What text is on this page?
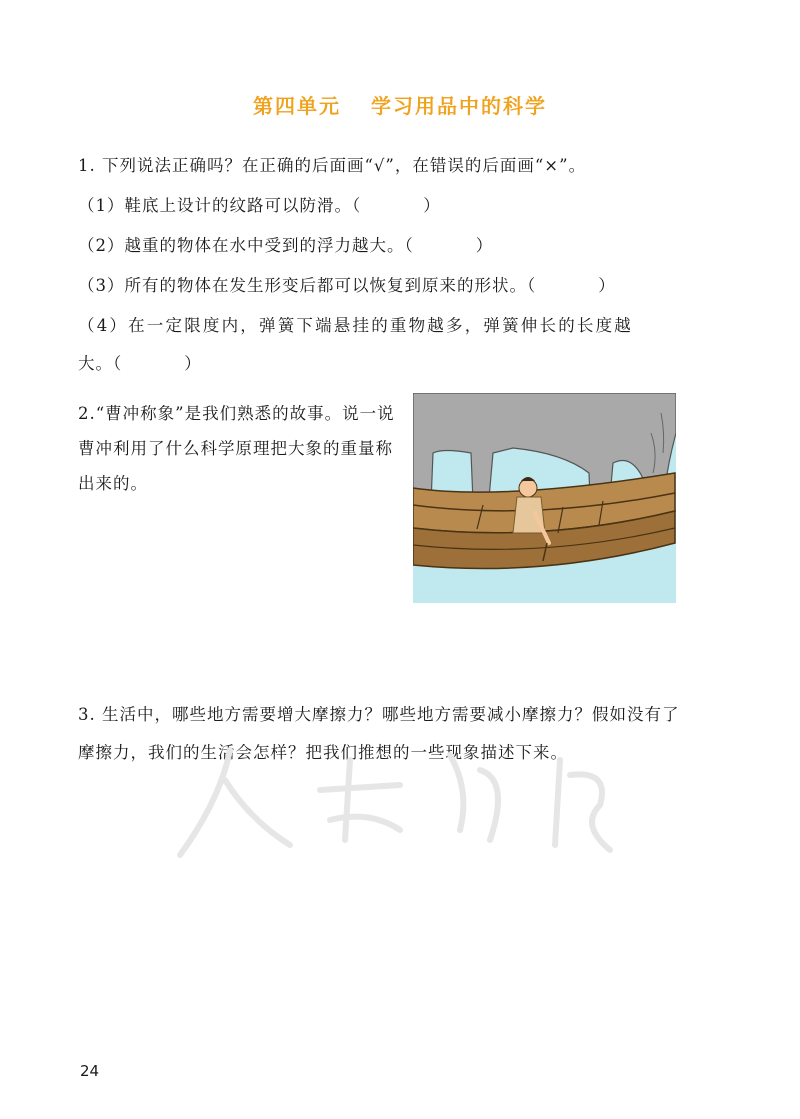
第四单元 学习用品中的科学
1. 下列说法正确吗？在正确的后面画“√”，在错误的后面画“×”。
（1）鞋底上设计的纹路可以防滑。（	）
（2）越重的物体在水中受到的浮力越大。（	）
（3）所有的物体在发生形变后都可以恢复到原来的形状。（	）
（4）在一定限度内，弹簧下端悬挂的重物越多，弹簧伸长的长度越
大。（	）
2.“曹冲称象”是我们熟悉的故事。说一说曹冲利用了什么科学原理把大象的重量称出来的。
3. 生活中，哪些地方需要增大摩擦力？哪些地方需要减小摩擦力？假如没有了摩擦力，我们的生活会怎样？把我们推想的一些现象描述下来。
24
